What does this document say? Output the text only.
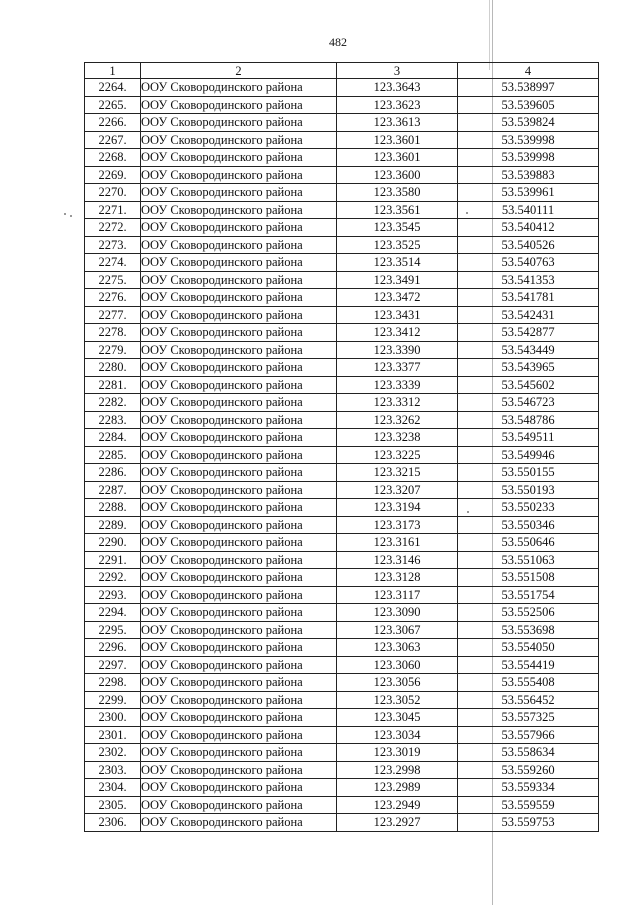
482
1	2	3	4
2264.	ООУ Сковородинского района	123.3643	53.538997
2265.	ООУ Сковородинского района	123.3623	53.539605
2266.	ООУ Сковородинского района	123.3613	53.539824
2267.	ООУ Сковородинского района	123.3601	53.539998
2268.	ООУ Сковородинского района	123.3601	53.539998
2269.	ООУ Сковородинского района	123.3600	53.539883
2270.	ООУ Сковородинского района	123.3580	53.539961
2271.	ООУ Сковородинского района	123.3561	53.540111
2272.	ООУ Сковородинского района	123.3545	53.540412
2273.	ООУ Сковородинского района	123.3525	53.540526
2274.	ООУ Сковородинского района	123.3514	53.540763
2275.	ООУ Сковородинского района	123.3491	53.541353
2276.	ООУ Сковородинского района	123.3472	53.541781
2277.	ООУ Сковородинского района	123.3431	53.542431
2278.	ООУ Сковородинского района	123.3412	53.542877
2279.	ООУ Сковородинского района	123.3390	53.543449
2280.	ООУ Сковородинского района	123.3377	53.543965
2281.	ООУ Сковородинского района	123.3339	53.545602
2282.	ООУ Сковородинского района	123.3312	53.546723
2283.	ООУ Сковородинского района	123.3262	53.548786
2284.	ООУ Сковородинского района	123.3238	53.549511
2285.	ООУ Сковородинского района	123.3225	53.549946
2286.	ООУ Сковородинского района	123.3215	53.550155
2287.	ООУ Сковородинского района	123.3207	53.550193
2288.	ООУ Сковородинского района	123.3194	53.550233
2289.	ООУ Сковородинского района	123.3173	53.550346
2290.	ООУ Сковородинского района	123.3161	53.550646
2291.	ООУ Сковородинского района	123.3146	53.551063
2292.	ООУ Сковородинского района	123.3128	53.551508
2293.	ООУ Сковородинского района	123.3117	53.551754
2294.	ООУ Сковородинского района	123.3090	53.552506
2295.	ООУ Сковородинского района	123.3067	53.553698
2296.	ООУ Сковородинского района	123.3063	53.554050
2297.	ООУ Сковородинского района	123.3060	53.554419
2298.	ООУ Сковородинского района	123.3056	53.555408
2299.	ООУ Сковородинского района	123.3052	53.556452
2300.	ООУ Сковородинского района	123.3045	53.557325
2301.	ООУ Сковородинского района	123.3034	53.557966
2302.	ООУ Сковородинского района	123.3019	53.558634
2303.	ООУ Сковородинского района	123.2998	53.559260
2304.	ООУ Сковородинского района	123.2989	53.559334
2305.	ООУ Сковородинского района	123.2949	53.559559
2306.	ООУ Сковородинского района	123.2927	53.559753
